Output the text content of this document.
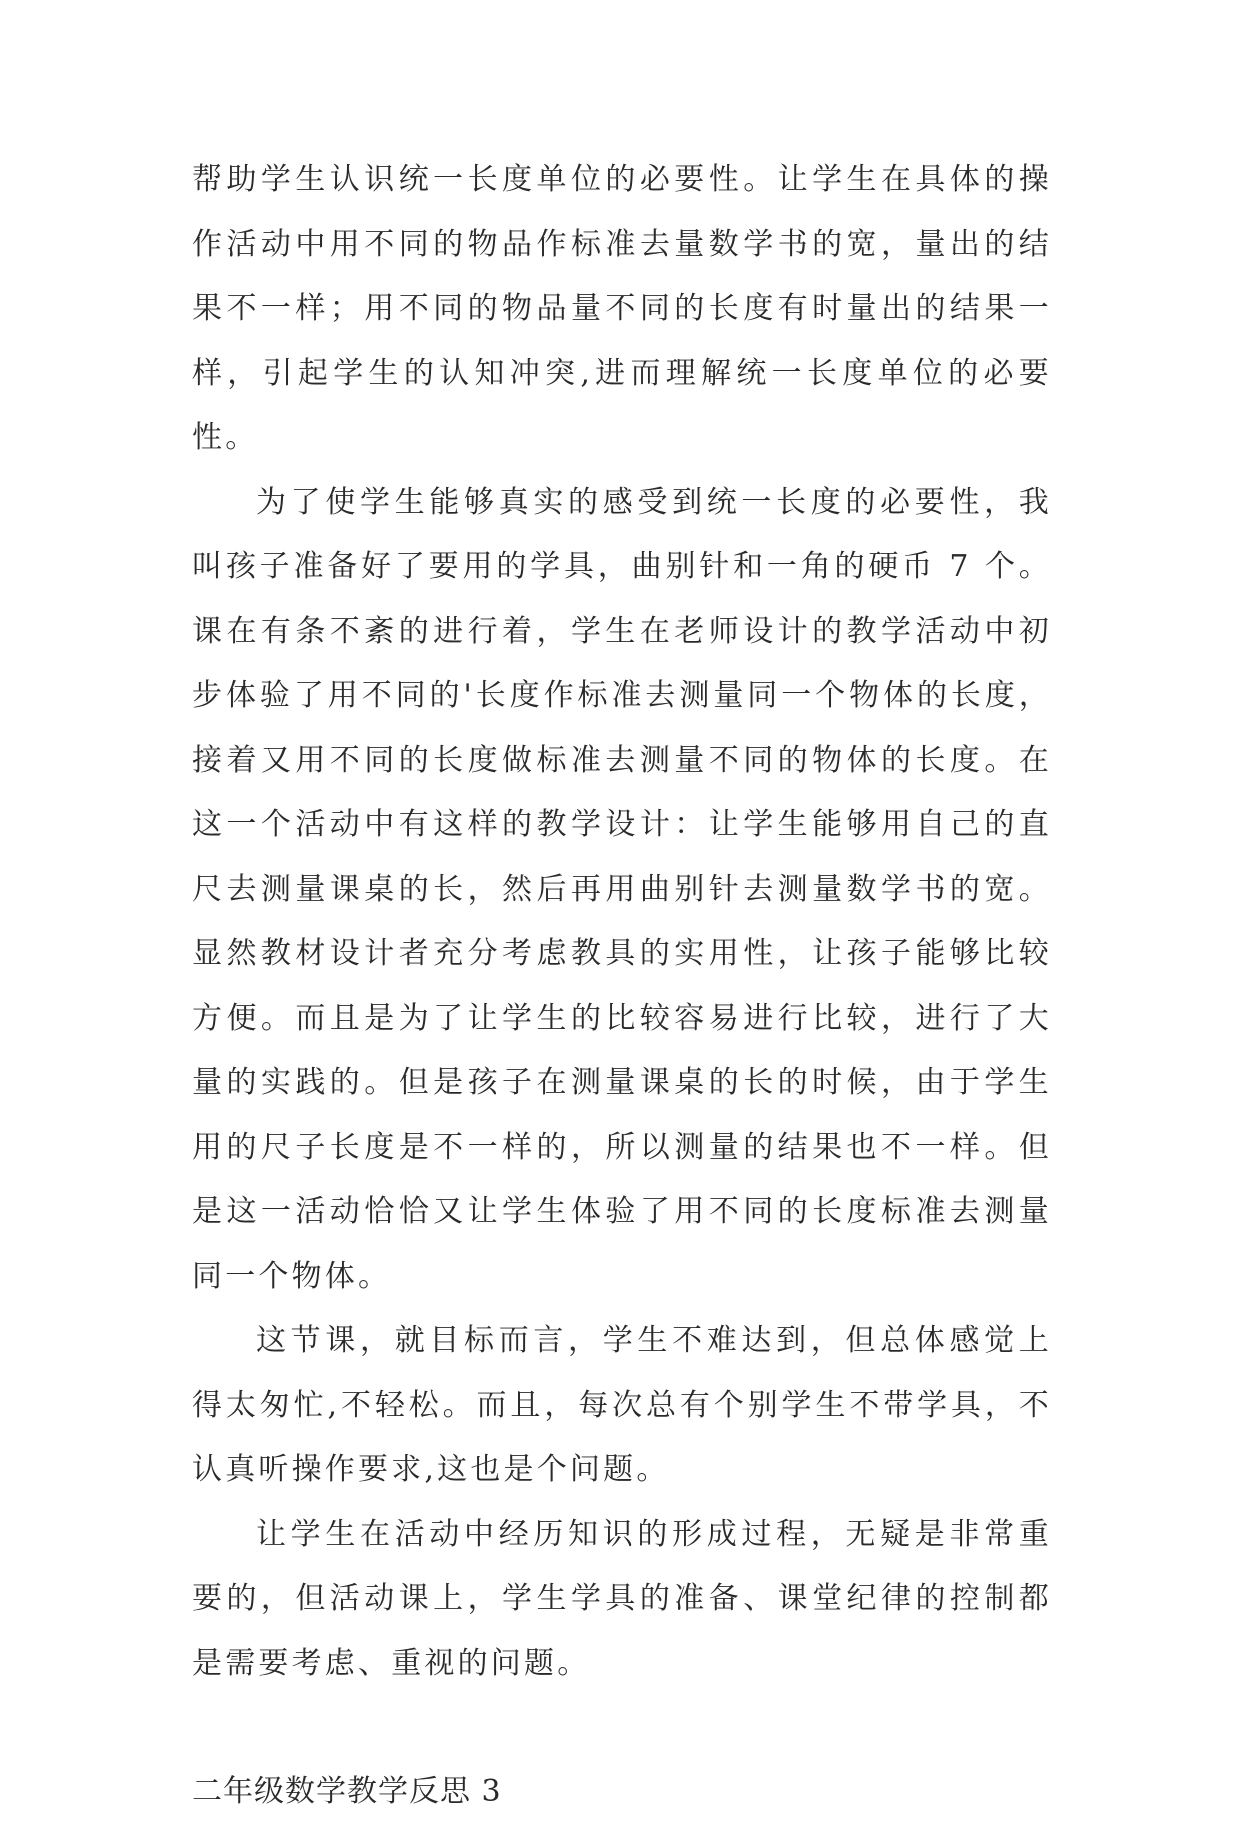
帮助学生认识统一长度单位的必要性。让学生在具体的操作活动中用不同的物品作标准去量数学书的宽，量出的结果不一样；用不同的物品量不同的长度有时量出的结果一样，引起学生的认知冲突,进而理解统一长度单位的必要性。

为了使学生能够真实的感受到统一长度的必要性，我叫孩子准备好了要用的学具，曲别针和一角的硬币 7 个。课在有条不紊的进行着，学生在老师设计的教学活动中初步体验了用不同的'长度作标准去测量同一个物体的长度，接着又用不同的长度做标准去测量不同的物体的长度。在这一个活动中有这样的教学设计：让学生能够用自己的直尺去测量课桌的长，然后再用曲别针去测量数学书的宽。显然教材设计者充分考虑教具的实用性，让孩子能够比较方便。而且是为了让学生的比较容易进行比较，进行了大量的实践的。但是孩子在测量课桌的长的时候，由于学生用的尺子长度是不一样的，所以测量的结果也不一样。但是这一活动恰恰又让学生体验了用不同的长度标准去测量同一个物体。

这节课，就目标而言，学生不难达到，但总体感觉上得太匆忙,不轻松。而且，每次总有个别学生不带学具，不认真听操作要求,这也是个问题。

让学生在活动中经历知识的形成过程，无疑是非常重要的，但活动课上，学生学具的准备、课堂纪律的控制都是需要考虑、重视的问题。

二年级数学教学反思 3
